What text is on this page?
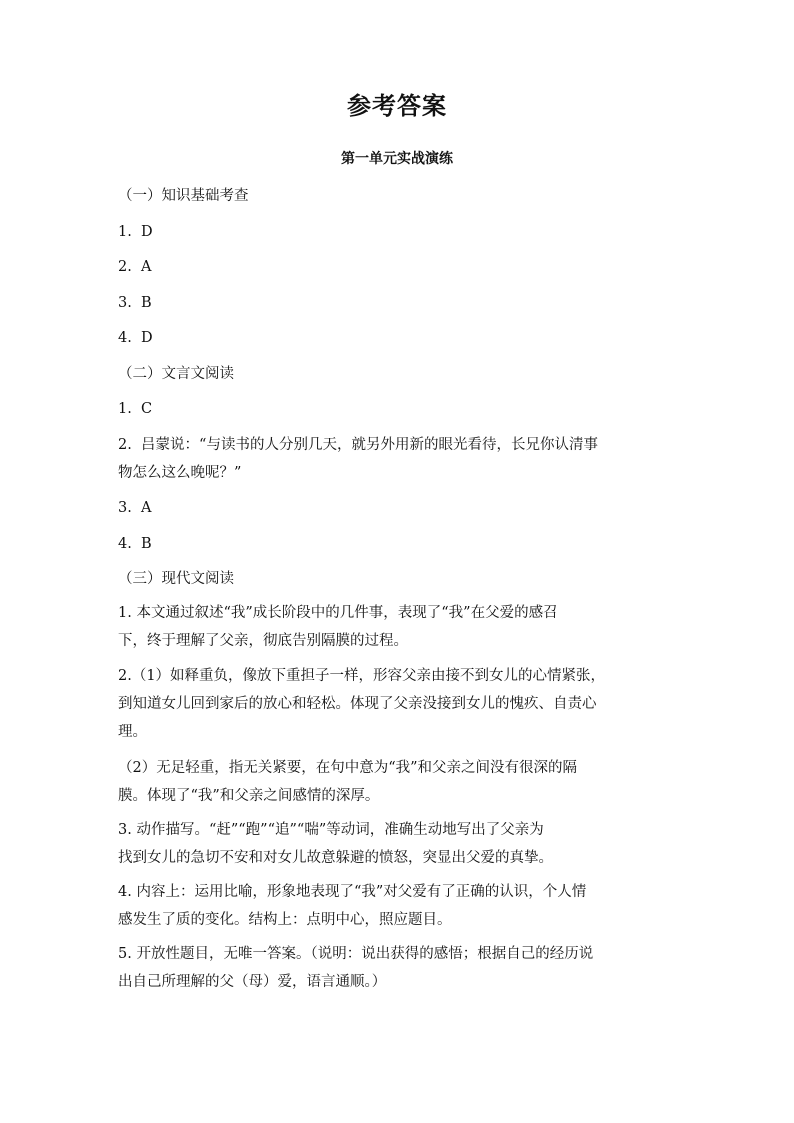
参考答案
第一单元实战演练
（一）知识基础考查
1.  D
2.  A
3.  B
4.  D
（二）文言文阅读
1.  C
2.  吕蒙说：“与读书的人分别几天，就另外用新的眼光看待，长兄你认清事
物怎么这么晚呢？”
3.  A
4.  B
（三）现代文阅读
1. 本文通过叙述“我”成长阶段中的几件事，表现了“我”在父爱的感召
下，终于理解了父亲，彻底告别隔膜的过程。
2.（1）如释重负，像放下重担子一样，形容父亲由接不到女儿的心情紧张，
到知道女儿回到家后的放心和轻松。体现了父亲没接到女儿的愧疚、自责心
理。
（2）无足轻重，指无关紧要，在句中意为“我”和父亲之间没有很深的隔
膜。体现了“我”和父亲之间感情的深厚。
3. 动作描写。“赶”“跑”“追”“喘”等动词，准确生动地写出了父亲为
找到女儿的急切不安和对女儿故意躲避的愤怒，突显出父爱的真挚。
4. 内容上：运用比喻，形象地表现了“我”对父爱有了正确的认识，个人情
感发生了质的变化。结构上：点明中心，照应题目。
5. 开放性题目，无唯一答案。（说明：说出获得的感悟；根据自己的经历说
出自己所理解的父（母）爱，语言通顺。）
